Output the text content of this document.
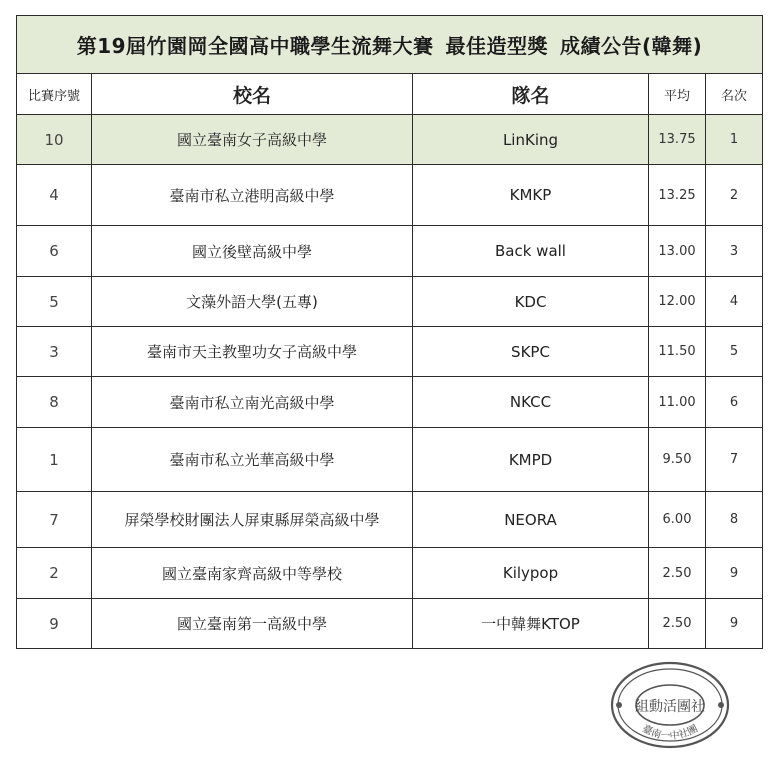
第19屆竹園岡全國高中職學生流舞大賽 最佳造型獎 成績公告(韓舞)				
比賽序號	校名	隊名	平均	名次
10	國立臺南女子高級中學	LinKing	13.75	1
4	臺南市私立港明高級中學	KMKP	13.25	2
6	國立後壁高級中學	Back wall	13.00	3
5	文藻外語大學(五專)	KDC	12.00	4
3	臺南市天主教聖功女子高級中學	SKPC	11.50	5
8	臺南市私立南光高級中學	NKCC	11.00	6
1	臺南市私立光華高級中學	KMPD	9.50	7
7	屏榮學校財團法人屏東縣屏榮高級中學	NEORA	6.00	8
2	國立臺南家齊高級中等學校	Kilypop	2.50	9
9	國立臺南第一高級中學	一中韓舞KTOP	2.50	9
組動活團社
臺南一中社團
